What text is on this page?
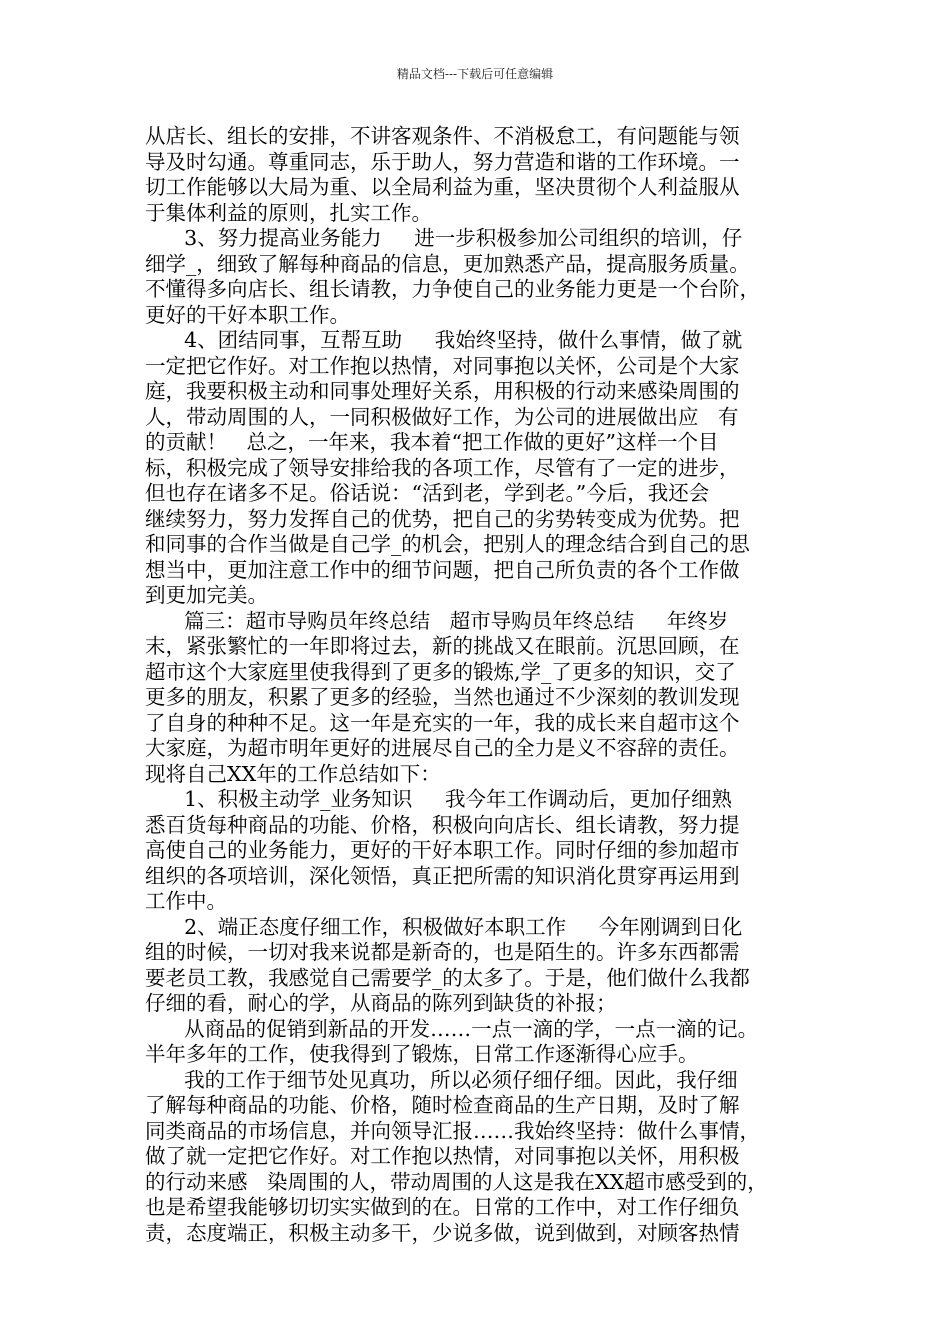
精品文档---下载后可任意编辑
从店长、组长的安排，不讲客观条件、不消极怠工，有问题能与领
导及时勾通。尊重同志，乐于助人，努力营造和谐的工作环境。一
切工作能够以大局为重、以全局利益为重，坚决贯彻个人利益服从
于集体利益的原则，扎实工作。
3、努力提高业务能力     进一步积极参加公司组织的培训，仔
细学_，细致了解每种商品的信息，更加熟悉产品，提高服务质量。
不懂得多向店长、组长请教，力争使自己的业务能力更是一个台阶，
更好的干好本职工作。
4、团结同事，互帮互助     我始终坚持，做什么事情，做了就
一定把它作好。对工作抱以热情，对同事抱以关怀，公司是个大家
庭，我要积极主动和同事处理好关系，用积极的行动来感染周围的
人，带动周围的人，一同积极做好工作，为公司的进展做出应   有
的贡献！   总之，一年来，我本着“把工作做的更好”这样一个目
标，积极完成了领导安排给我的各项工作，尽管有了一定的进步，
但也存在诸多不足。俗话说：“活到老，学到老。”今后，我还会
继续努力，努力发挥自己的优势，把自己的劣势转变成为优势。把
和同事的合作当做是自己学_的机会，把别人的理念结合到自己的思
想当中，更加注意工作中的细节问题，把自己所负责的各个工作做
到更加完美。
篇三：超市导购员年终总结   超市导购员年终总结     年终岁
末，紧张繁忙的一年即将过去，新的挑战又在眼前。沉思回顾，在
超市这个大家庭里使我得到了更多的锻炼,学_了更多的知识，交了
更多的朋友，积累了更多的经验，当然也通过不少深刻的教训发现
了自身的种种不足。这一年是充实的一年，我的成长来自超市这个
大家庭，为超市明年更好的进展尽自己的全力是义不容辞的责任。
现将自己XX年的工作总结如下：
1、积极主动学_业务知识     我今年工作调动后，更加仔细熟
悉百货每种商品的功能、价格，积极向向店长、组长请教，努力提
高使自己的业务能力，更好的干好本职工作。同时仔细的参加超市
组织的各项培训，深化领悟，真正把所需的知识消化贯穿再运用到
工作中。
2、端正态度仔细工作，积极做好本职工作     今年刚调到日化
组的时候，一切对我来说都是新奇的，也是陌生的。许多东西都需
要老员工教，我感觉自己需要学_的太多了。于是，他们做什么我都
仔细的看，耐心的学，从商品的陈列到缺货的补报；
从商品的促销到新品的开发……一点一滴的学，一点一滴的记。
半年多年的工作，使我得到了锻炼，日常工作逐渐得心应手。
我的工作于细节处见真功，所以必须仔细仔细。因此，我仔细
了解每种商品的功能、价格，随时检查商品的生产日期，及时了解
同类商品的市场信息，并向领导汇报……我始终坚持：做什么事情，
做了就一定把它作好。对工作抱以热情，对同事抱以关怀，用积极
的行动来感   染周围的人，带动周围的人这是我在XX超市感受到的，
也是希望我能够切切实实做到的在。日常的工作中，对工作仔细负
责，态度端正，积极主动多干，少说多做，说到做到，对顾客热情
